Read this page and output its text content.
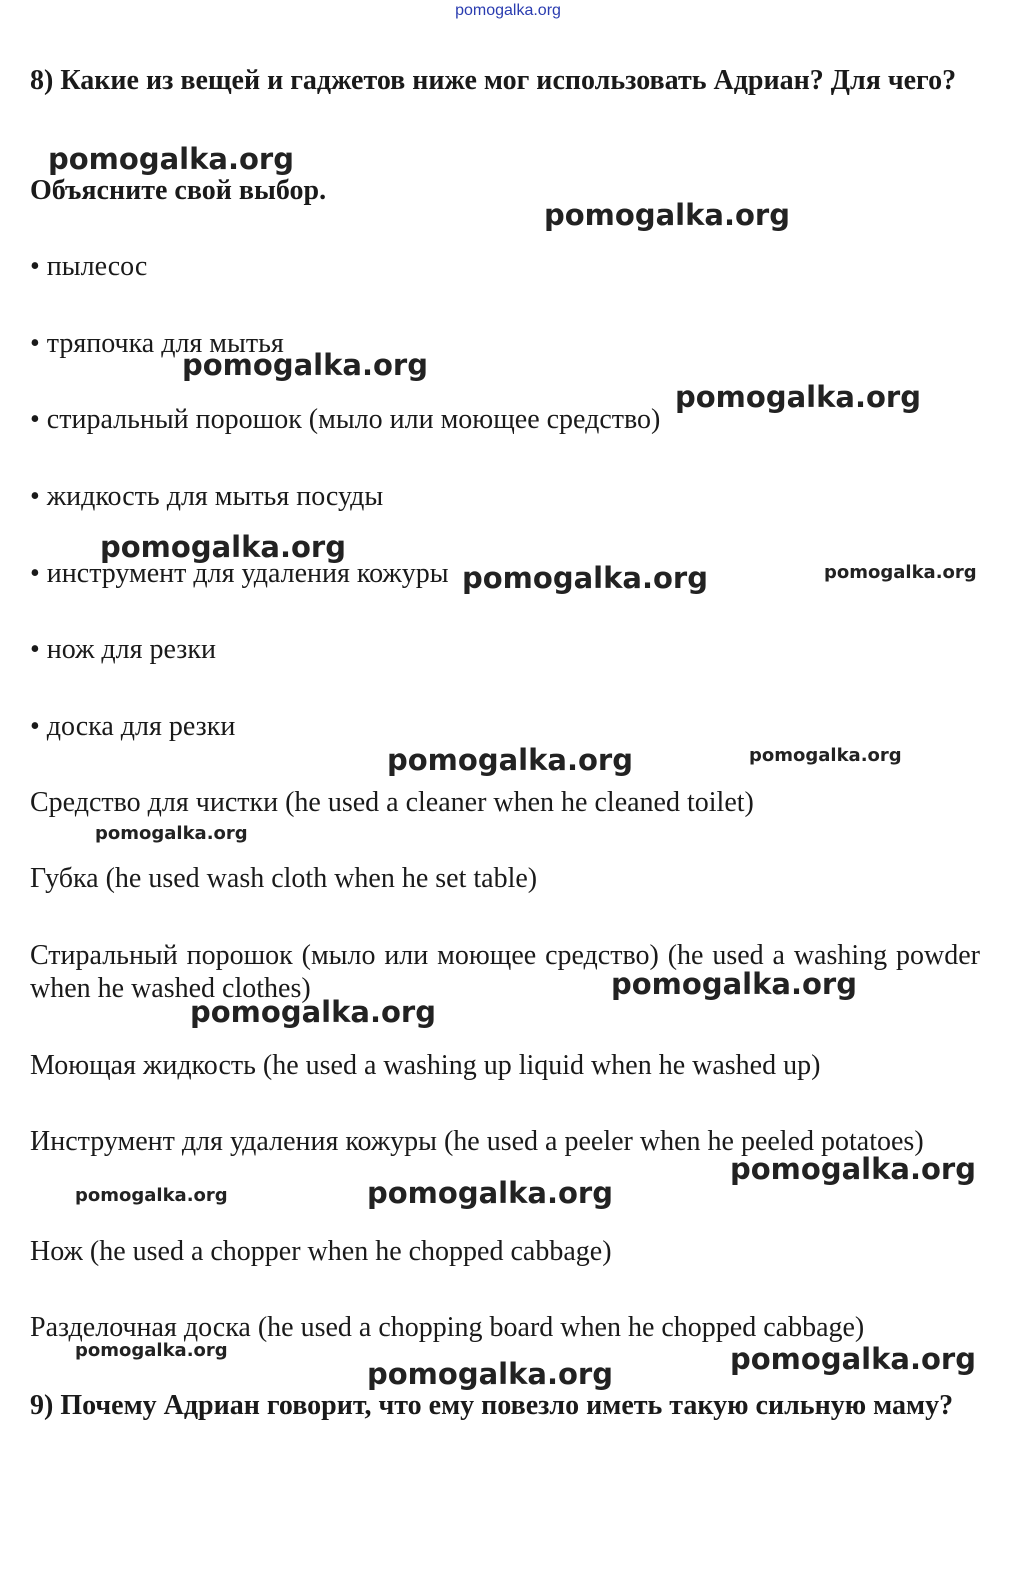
pomogalka.org
8) Какие из вещей и гаджетов ниже мог использовать Адриан? Для чего?
Объясните свой выбор.
• пылесос
• тряпочка для мытья
• стиральный порошок (мыло или моющее средство)
• жидкость для мытья посуды
• инструмент для удаления кожуры
• нож для резки
• доска для резки
Средство для чистки (he used a cleaner when he cleaned toilet)
Губка (he used wash cloth when he set table)
Стиральный порошок (мыло или моющее средство) (he used a washing powder when he washed clothes)
Моющая жидкость (he used a washing up liquid when he washed up)
Инструмент для удаления кожуры (he used a peeler when he peeled potatoes)
Нож (he used a chopper when he chopped cabbage)
Разделочная доска (he used a chopping board when he chopped cabbage)
9) Почему Адриан говорит, что ему повезло иметь такую сильную маму?
pomogalka.org
pomogalka.org
pomogalka.org
pomogalka.org
pomogalka.org
pomogalka.org	pomogalka.org
pomogalka.org	pomogalka.org
pomogalka.org
pomogalka.org
pomogalka.org
pomogalka.org
pomogalka.org
pomogalka.org
pomogalka.org	pomogalka.org
pomogalka.org
